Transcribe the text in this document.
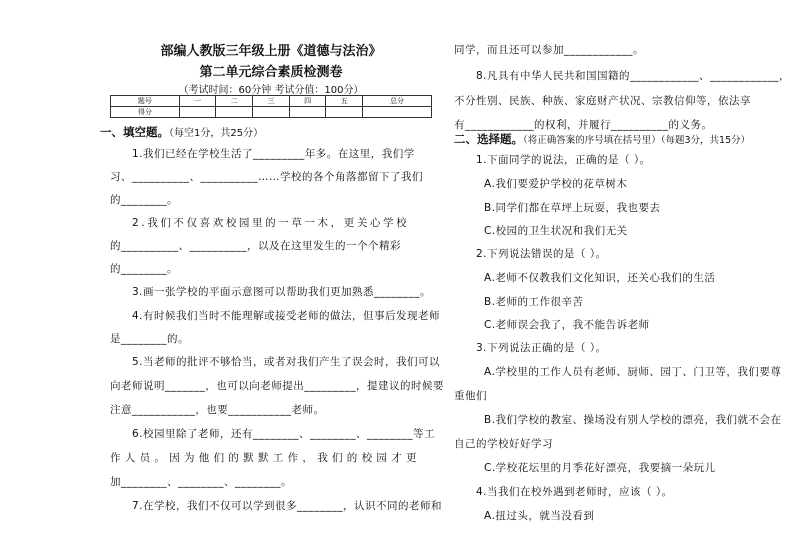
部编人教版三年级上册《道德与法治》
第二单元综合素质检测卷
（考试时间：60分钟 考试分值：100分）
题号	一	二	三	四	五	总分
得分						
一、填空题。（每空1分，共25分）
1.我们已经在学校生活了_________年多。在这里，我们学
习、__________、__________……学校的各个角落都留下了我们
的________。
2.我们不仅喜欢校园里的一草一木，更关心学校
的__________、__________，以及在这里发生的一个个精彩
的________。
3.画一张学校的平面示意图可以帮助我们更加熟悉________。
4.有时候我们当时不能理解或接受老师的做法，但事后发现老师
是________的。
5.当老师的批评不够恰当，或者对我们产生了误会时，我们可以
向老师说明_______，也可以向老师提出_________，提建议的时候要
注意___________，也要___________老师。
6.校园里除了老师，还有________、________、________等工
作人员。因为他们的默默工作，我们的校园才更
加________、________、________。
7.在学校，我们不仅可以学到很多________，认识不同的老师和
同学，而且还可以参加____________。
8.凡具有中华人民共和国国籍的____________、____________，
不分性别、民族、种族、家庭财产状况、宗教信仰等，依法享
有____________的权利，并履行__________的义务。
二、选择题。（将正确答案的序号填在括号里）（每题3分，共15分）
1.下面同学的说法，正确的是（ ）。
A.我们要爱护学校的花草树木
B.同学们都在草坪上玩耍，我也要去
C.校园的卫生状况和我们无关
2.下列说法错误的是（ ）。
A.老师不仅教我们文化知识，还关心我们的生活
B.老师的工作很辛苦
C.老师误会我了，我不能告诉老师
3.下列说法正确的是（ ）。
A.学校里的工作人员有老师、厨师、园丁、门卫等，我们要尊
重他们
B.我们学校的教室、操场没有别人学校的漂亮，我们就不会在
自己的学校好好学习
C.学校花坛里的月季花好漂亮，我要摘一朵玩儿
4.当我们在校外遇到老师时，应该（ ）。
A.扭过头，就当没看到
